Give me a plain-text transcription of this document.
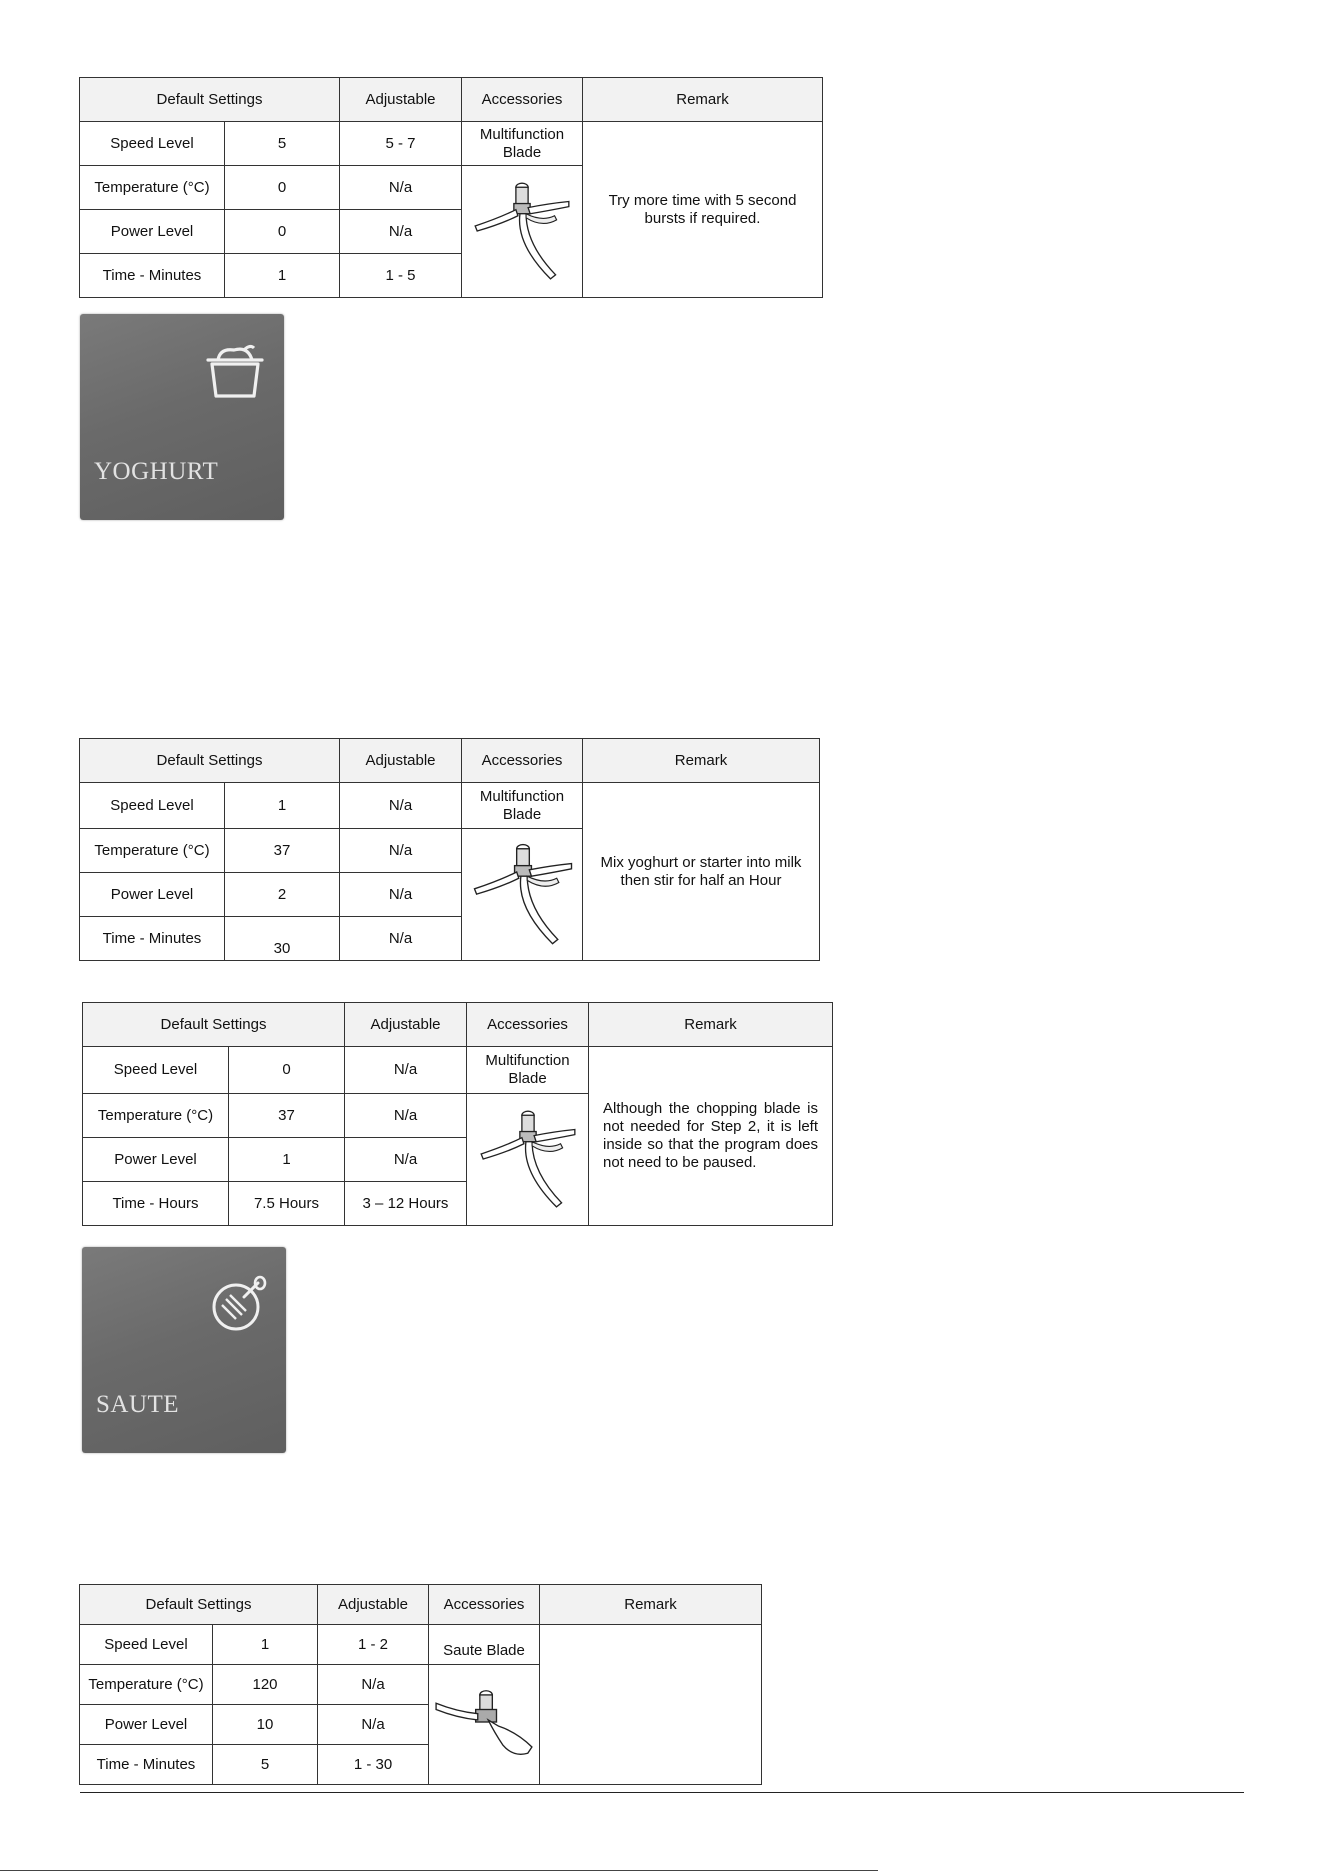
Default Settings		Adjustable	Accessories	Remark
Speed Level	5	5 - 7	Multifunction Blade	Try more time with 5 second bursts if required.
Temperature (°C)	0	N/a	
Power Level	0	N/a		
Time - Minutes	1	1 - 5		
YOGHURT
Default Settings		Adjustable	Accessories	Remark
Speed Level	1	N/a	Multifunction Blade	Mix yoghurt or starter into milk then stir for half an Hour
Temperature (°C)	37	N/a	
Power Level	2	N/a		
Time - Minutes	30	N/a		
Default Settings		Adjustable	Accessories	Remark
Speed Level	0	N/a	Multifunction Blade	Although the chopping blade is not needed for Step 2, it is left inside so that the program does not need to be paused.
Temperature (°C)	37	N/a	
Power Level	1	N/a		
Time - Hours	7.5 Hours	3 – 12 Hours		
SAUTE
Default Settings		Adjustable	Accessories	Remark
Speed Level	1	1 - 2	Saute Blade	
Temperature (°C)	120	N/a	
Power Level	10	N/a		
Time - Minutes	5	1 - 30		
